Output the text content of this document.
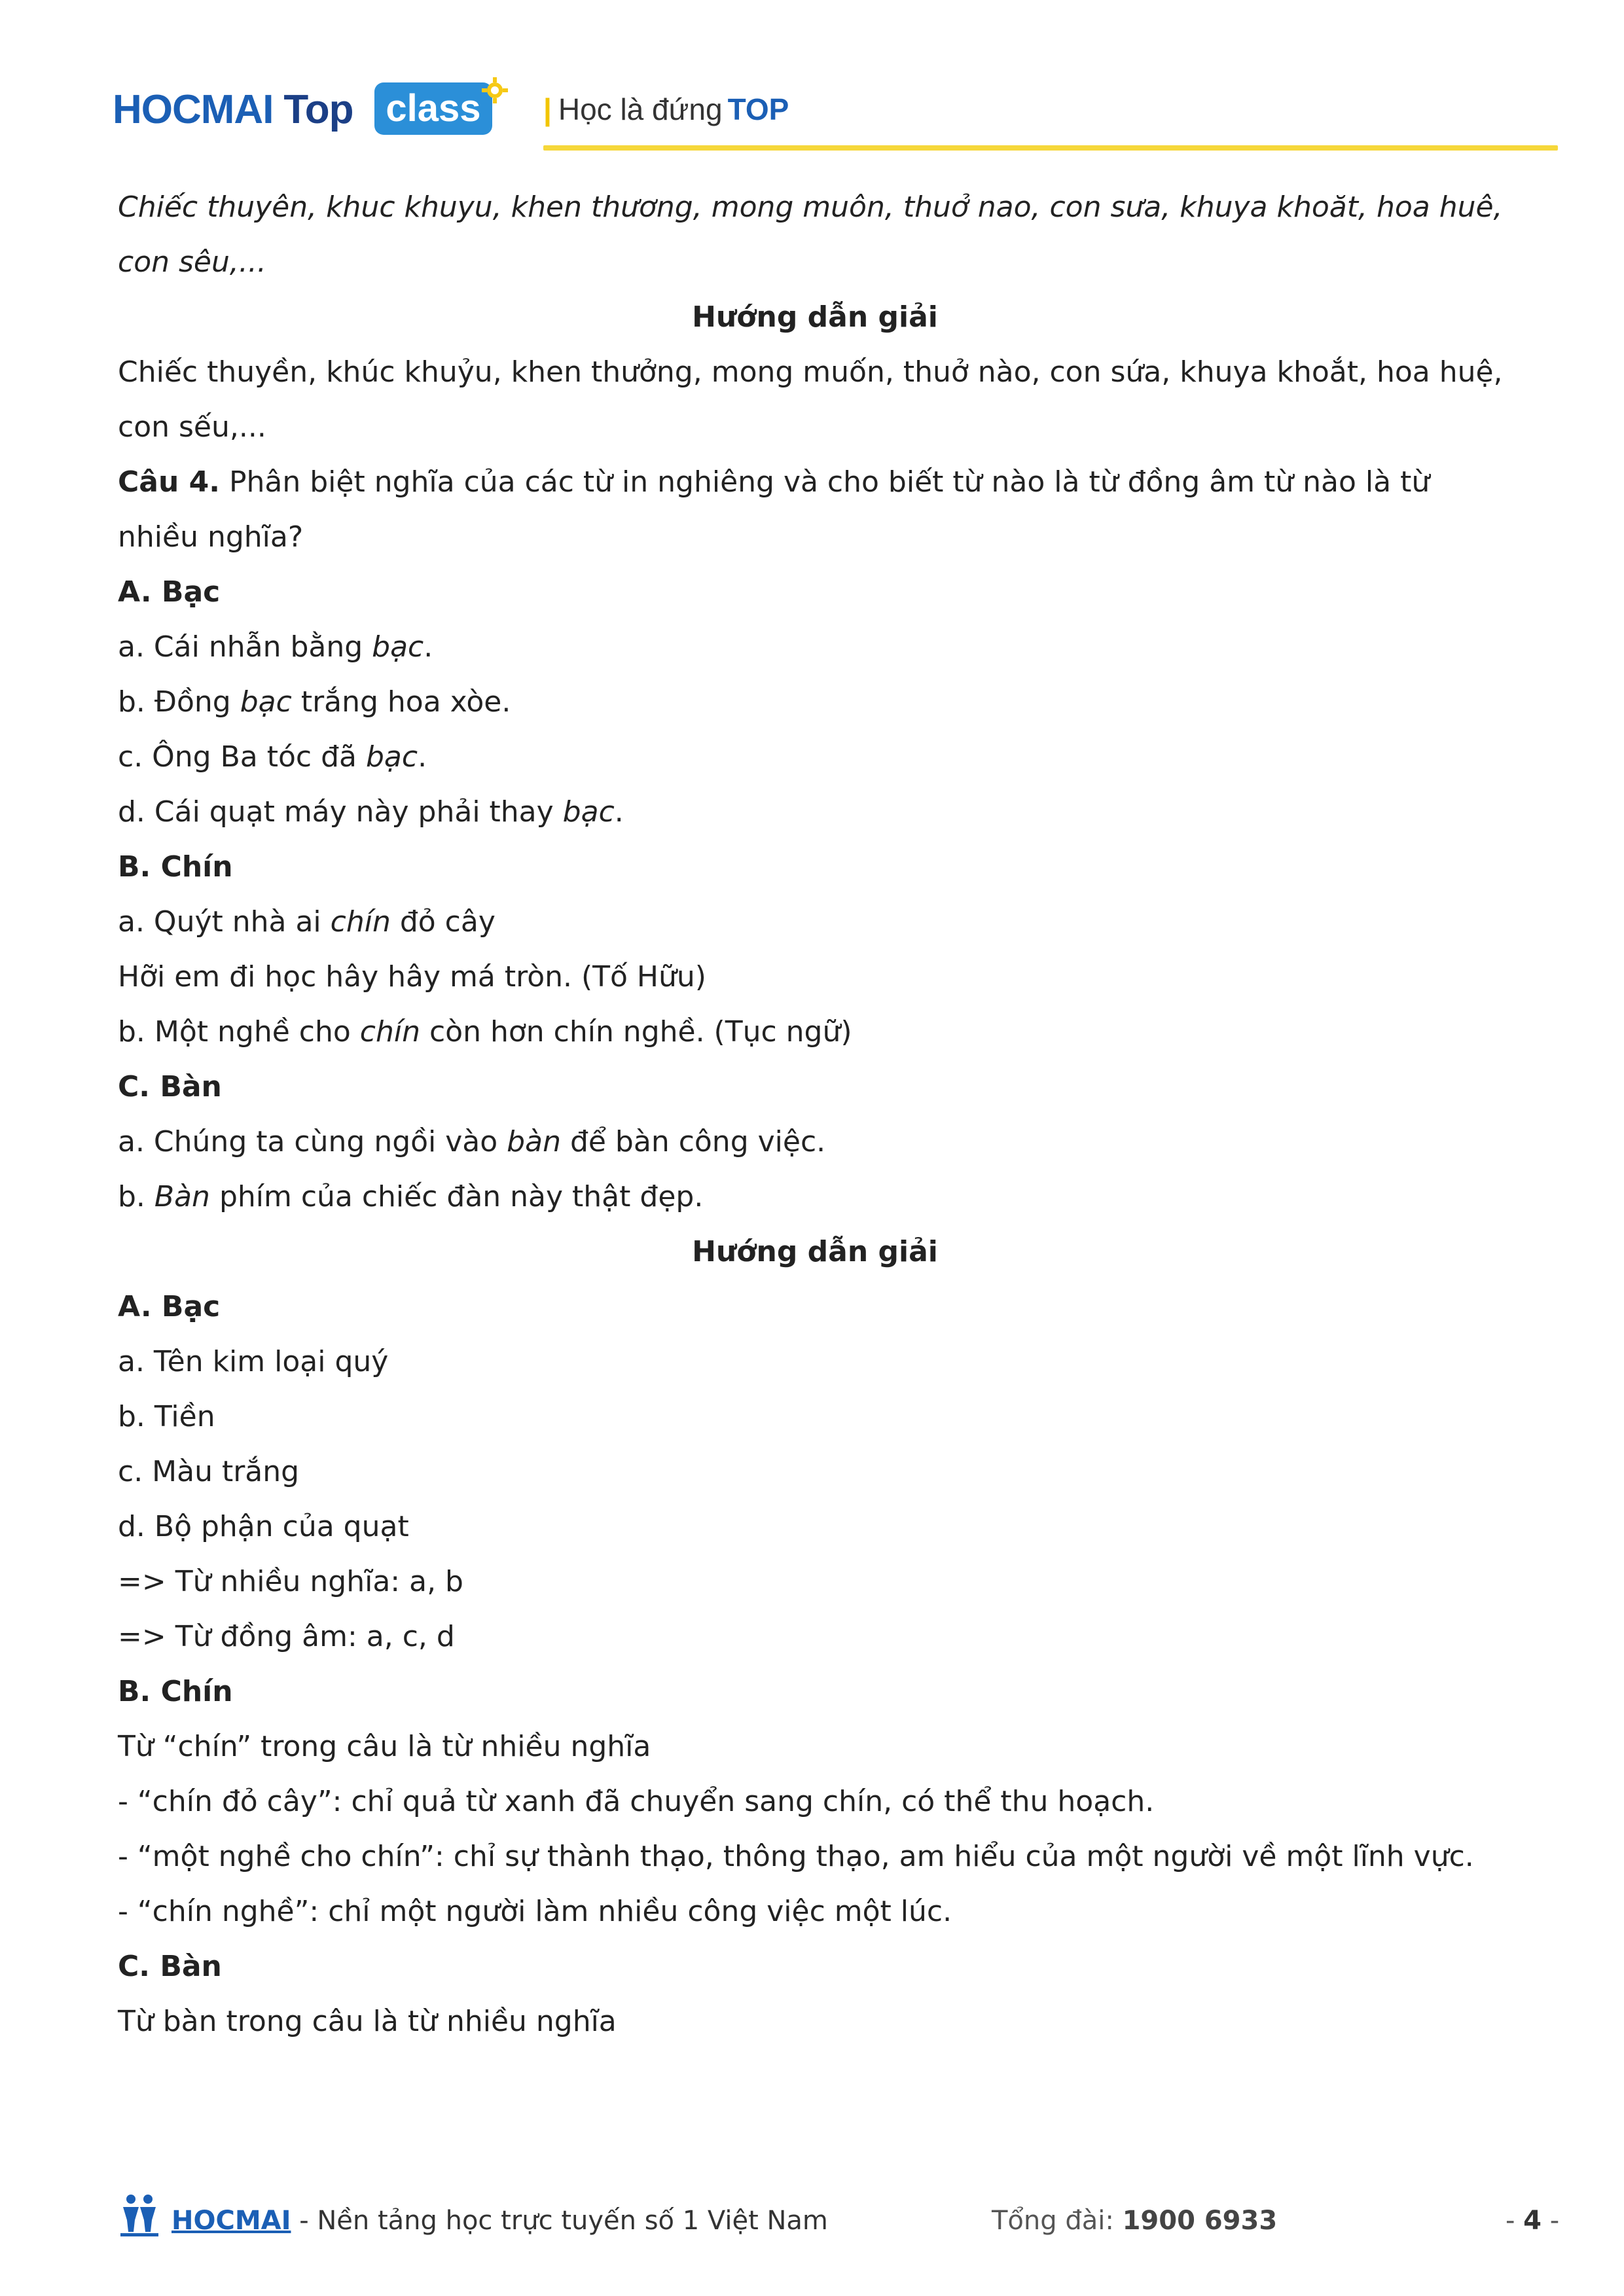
HOCMAI Top class	| Học là đứng TOP

Chiếc thuyên, khuc khuyu, khen thương, mong muôn, thuở nao, con sưa, khuya khoăt, hoa huê, con sêu,...

Hướng dẫn giải

Chiếc thuyền, khúc khuỷu, khen thưởng, mong muốn, thuở nào, con sứa, khuya khoắt, hoa huệ, con sếu,...

Câu 4. Phân biệt nghĩa của các từ in nghiêng và cho biết từ nào là từ đồng âm từ nào là từ nhiều nghĩa?

A. Bạc

a. Cái nhẫn bằng bạc.

b. Đồng bạc trắng hoa xòe.

c. Ông Ba tóc đã bạc.

d. Cái quạt máy này phải thay bạc.

B. Chín

a. Quýt nhà ai chín đỏ cây

Hỡi em đi học hây hây má tròn. (Tố Hữu)

b. Một nghề cho chín còn hơn chín nghề. (Tục ngữ)

C. Bàn

a. Chúng ta cùng ngồi vào bàn để bàn công việc.

b. Bàn phím của chiếc đàn này thật đẹp.

Hướng dẫn giải

A. Bạc

a. Tên kim loại quý

b. Tiền

c. Màu trắng

d. Bộ phận của quạt

=> Từ nhiều nghĩa: a, b

=> Từ đồng âm: a, c, d

B. Chín

Từ “chín” trong câu là từ nhiều nghĩa

- “chín đỏ cây”: chỉ quả từ xanh đã chuyển sang chín, có thể thu hoạch.

- “một nghề cho chín”: chỉ sự thành thạo, thông thạo, am hiểu của một người về một lĩnh vực.

- “chín nghề”: chỉ một người làm nhiều công việc một lúc.

C. Bàn

Từ bàn trong câu là từ nhiều nghĩa

HOCMAI - Nền tảng học trực tuyến số 1 Việt Nam	Tổng đài: 1900 6933	- 4 -
